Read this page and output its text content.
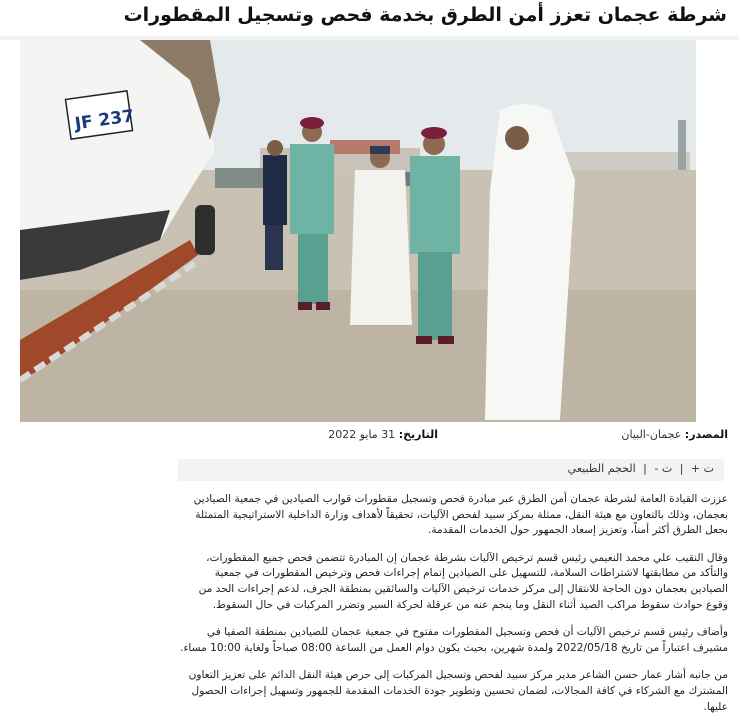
شرطة عجمان تعزز أمن الطرق بخدمة فحص وتسجيل المقطورات
JF 237
المصدر: عجمان-البيان
التاريخ: 31 مايو 2022
ت + | ت - | الحجم الطبيعي

عززت القيادة العامة لشرطة عجمان أمن الطرق عبر مبادرة فحص وتسجيل مقطورات قوارب الصيادين في جمعية الصيادين بعجمان، وذلك بالتعاون مع هيئة النقل، ممثلة بمركز سبيد لفحص الآليات، تحقيقاً لأهداف وزارة الداخلية الاستراتيجية المتمثلة بجعل الطرق أكثر أمناً، وتعزيز إسعاد الجمهور حول الخدمات المقدمة.

وقال النقيب علي محمد النعيمي رئيس قسم ترخيص الآليات بشرطة عجمان إن المبادرة تتضمن فحص جميع المقطورات، والتأكد من مطابقتها لاشتراطات السلامة، للتسهيل على الصيادين إتمام إجراءات فحص وترخيص المقطورات في جمعية الصيادين بعجمان دون الحاجة للانتقال إلى مركز خدمات ترخيص الآليات والسائقين بمنطقة الجرف، لدعم إجراءات الحد من وقوع حوادث سقوط مراكب الصيد أثناء النقل وما ينجم عنه من عرقلة لحركة السير وتضرر المركبات في حال السقوط.

وأضاف رئيس قسم ترخيص الآليات أن فحص وتسجيل المقطورات مفتوح في جمعية عجمان للصيادين بمنطقة الصفيا في مشيرف اعتباراً من تاريخ 2022/05/18 ولمدة شهرين، بحيث يكون دوام العمل من الساعة 08:00 صباحاً ولغاية 10:00 مساء.

من جانبه أشار عمار حسن الشاعر مدير مركز سبيد لفحص وتسجيل المركبات إلى حرص هيئة النقل الدائم على تعزيز التعاون المشترك مع الشركاء في كافة المجالات، لضمان تحسين وتطوير جودة الخدمات المقدمة للجمهور وتسهيل إجراءات الحصول عليها.
